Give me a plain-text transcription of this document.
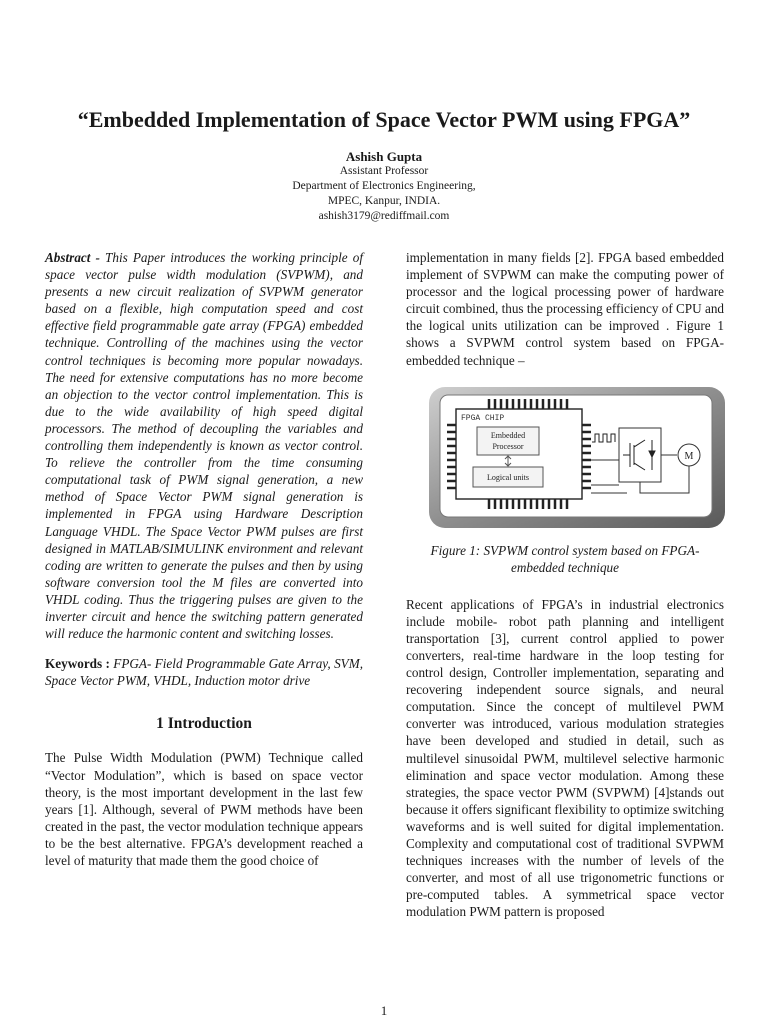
“Embedded Implementation of Space Vector PWM using FPGA”
Ashish Gupta
Assistant Professor
Department of Electronics Engineering,
MPEC, Kanpur, INDIA.
ashish3179@rediffmail.com

Abstract - This Paper introduces the working principle of space vector pulse width modulation (SVPWM), and presents a new circuit realization of SVPWM generator based on a flexible, high computation speed and cost effective field programmable gate array (FPGA) embedded technique. Controlling of the machines using the vector control techniques is becoming more popular nowadays. The need for extensive computations has no more become an objection to the vector control implementation. This is due to the wide availability of high speed digital processors. The method of decoupling the variables and controlling them independently is known as vector control. To relieve the controller from the time consuming computational task of PWM signal generation, a new method of Space Vector PWM signal generation is implemented in FPGA using Hardware Description Language VHDL. The Space Vector PWM pulses are first designed in MATLAB/SIMULINK environment and relevant coding are written to generate the pulses and then by using software conversion tool the M files are converted into VHDL coding. Thus the triggering pulses are given to the inverter circuit and hence the switching pattern generated will reduce the harmonic content and switching losses.

Keywords : FPGA- Field Programmable Gate Array, SVM, Space Vector PWM, VHDL, Induction motor drive

1 Introduction

The Pulse Width Modulation (PWM) Technique called “Vector Modulation”, which is based on space vector theory, is the most important development in the last few years [1]. Although, several of PWM methods have been created in the past, the vector modulation technique appears to be the best alternative. FPGA’s development reached a level of maturity that made them the good choice of

implementation in many fields [2]. FPGA based embedded implement of SVPWM can make the computing power of processor and the logical processing power of hardware circuit combined, thus the processing efficiency of CPU and the logical units utilization can be improved . Figure 1 shows a SVPWM control system based on FPGA-embedded technique –

FPGA CHIP
Embedded
Processor
Logical units
M
Figure 1: SVPWM control system based on FPGA-embedded technique

Recent applications of FPGA’s in industrial electronics include mobile- robot path planning and intelligent transportation [3], current control applied to power converters, real-time hardware in the loop testing for control design, Controller implementation, separating and recovering independent source signals, and neural computation. Since the concept of multilevel PWM converter was introduced, various modulation strategies have been developed and studied in detail, such as multilevel sinusoidal PWM, multilevel selective harmonic elimination and space vector modulation. Among these strategies, the space vector PWM (SVPWM) [4]stands out because it offers significant flexibility to optimize switching waveforms and is well suited for digital implementation. Complexity and computational cost of traditional SVPWM techniques increases with the number of levels of the converter, and most of all use trigonometric functions or pre-computed tables. A symmetrical space vector modulation PWM pattern is proposed

1
